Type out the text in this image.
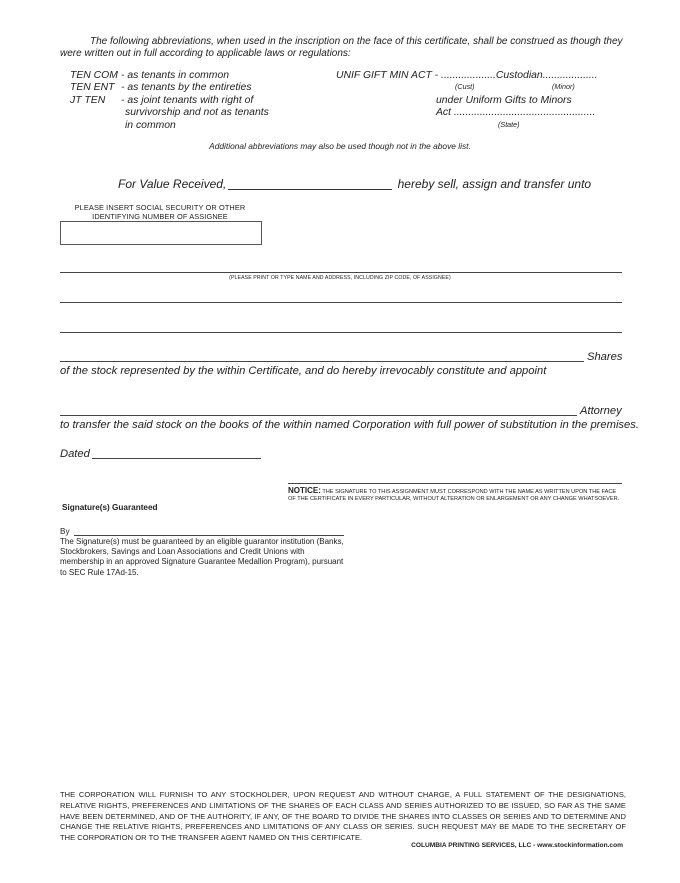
The following abbreviations, when used in the inscription on the face of this certificate, shall be construed as though they
were written out in full according to applicable laws or regulations:
TEN COM - as tenants in common
TEN ENT - as tenants by the entireties
JT TEN - as joint tenants with right of
survivorship and not as tenants
in common
UNIF GIFT MIN ACT - ...................Custodian...................
(Cust)	(Minor)
under Uniform Gifts to Minors
Act .................................................
(State)
Additional abbreviations may also be used though not in the above list.
For Value Received,	hereby sell, assign and transfer unto
PLEASE INSERT SOCIAL SECURITY OR OTHER IDENTIFYING NUMBER OF ASSIGNEE
(PLEASE PRINT OR TYPE NAME AND ADDRESS, INCLUDING ZIP CODE, OF ASSIGNEE)
Shares
of the stock represented by the within Certificate, and do hereby irrevocably constitute and appoint
Attorney
to transfer the said stock on the books of the within named Corporation with full power of substitution in the premises.
Dated
NOTICE: THE SIGNATURE TO THIS ASSIGNMENT MUST CORRESPOND WITH THE NAME AS WRITTEN UPON THE FACE OF THE CERTIFICATE IN EVERY PARTICULAR, WITHOUT ALTERATION OR ENLARGEMENT OR ANY CHANGE WHATSOEVER.
Signature(s) Guaranteed
By
The Signature(s) must be guaranteed by an eligible guarantor institution (Banks, Stockbrokers, Savings and Loan Associations and Credit Unions with membership in an approved Signature Guarantee Medallion Program), pursuant to SEC Rule 17Ad-15.
THE CORPORATION WILL FURNISH TO ANY STOCKHOLDER, UPON REQUEST AND WITHOUT CHARGE, A FULL STATEMENT OF THE DESIGNATIONS, RELATIVE RIGHTS, PREFERENCES AND LIMITATIONS OF THE SHARES OF EACH CLASS AND SERIES AUTHORIZED TO BE ISSUED, SO FAR AS THE SAME HAVE BEEN DETERMINED, AND OF THE AUTHORITY, IF ANY, OF THE BOARD TO DIVIDE THE SHARES INTO CLASSES OR SERIES AND TO DETERMINE AND CHANGE THE RELATIVE RIGHTS, PREFERENCES AND LIMITATIONS OF ANY CLASS OR SERIES. SUCH REQUEST MAY BE MADE TO THE SECRETARY OF THE CORPORATION OR TO THE TRANSFER AGENT NAMED ON THIS CERTIFICATE.
COLUMBIA PRINTING SERVICES, LLC - www.stockinformation.com
